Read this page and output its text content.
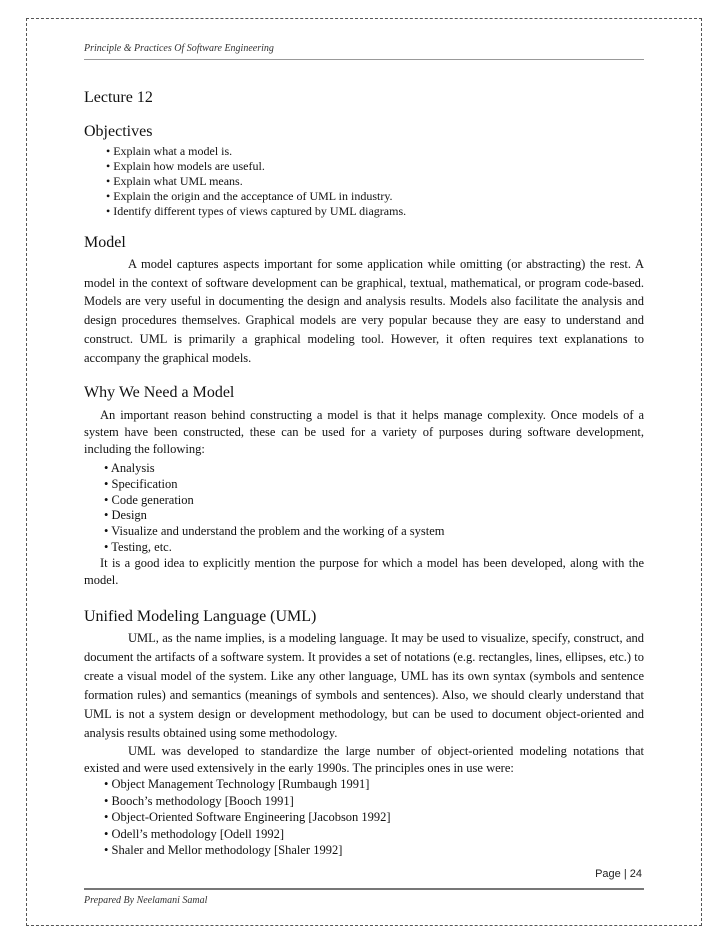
Principle & Practices Of Software Engineering
Lecture 12
Objectives
• Explain what a model is.
• Explain how models are useful.
• Explain what UML means.
• Explain the origin and the acceptance of UML in industry.
• Identify different types of views captured by UML diagrams.
Model

A model captures aspects important for some application while omitting (or abstracting) the rest. A model in the context of software development can be graphical, textual, mathematical, or program code-based. Models are very useful in documenting the design and analysis results. Models also facilitate the analysis and design procedures themselves. Graphical models are very popular because they are easy to understand and construct. UML is primarily a graphical modeling tool. However, it often requires text explanations to accompany the graphical models.

Why We Need a Model

An important reason behind constructing a model is that it helps manage complexity. Once models of a system have been constructed, these can be used for a variety of purposes during software development, including the following:

• Analysis
• Specification
• Code generation
• Design
• Visualize and understand the problem and the working of a system
• Testing, etc.

It is a good idea to explicitly mention the purpose for which a model has been developed, along with the model.

Unified Modeling Language (UML)

UML, as the name implies, is a modeling language. It may be used to visualize, specify, construct, and document the artifacts of a software system. It provides a set of notations (e.g. rectangles, lines, ellipses, etc.) to create a visual model of the system. Like any other language, UML has its own syntax (symbols and sentence formation rules) and semantics (meanings of symbols and sentences). Also, we should clearly understand that UML is not a system design or development methodology, but can be used to document object-oriented and analysis results obtained using some methodology.

UML was developed to standardize the large number of object-oriented modeling notations that existed and were used extensively in the early 1990s. The principles ones in use were:

• Object Management Technology [Rumbaugh 1991]
• Booch’s methodology [Booch 1991]
• Object-Oriented Software Engineering [Jacobson 1992]
• Odell’s methodology [Odell 1992]
• Shaler and Mellor methodology [Shaler 1992]
Page | 24
Prepared By Neelamani Samal
